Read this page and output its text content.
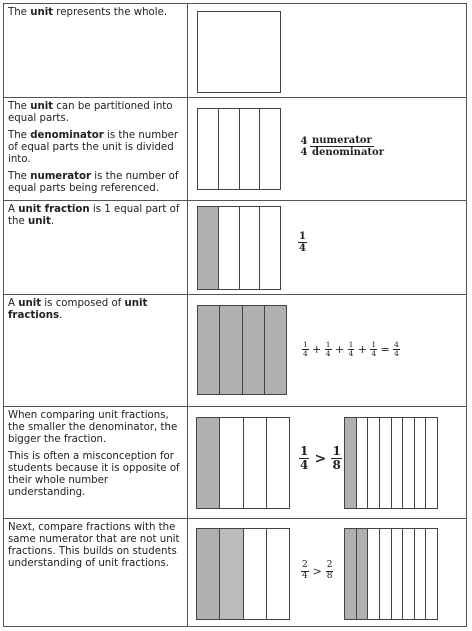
The unit represents the whole.

The unit can be partitioned into equal parts.

The denominator is the number of equal parts the unit is divided into.

The numerator is the number of equal parts being referenced.

4 numerator
4 denominator

A unit fraction is 1 equal part of the unit.

$\frac{1}{4}$

A unit is composed of unit fractions.

$\frac{1}{4} + \frac{1}{4} + \frac{1}{4} + \frac{1}{4} = \frac{4}{4}$

When comparing unit fractions, the smaller the denominator, the bigger the fraction.

This is often a misconception for students because it is opposite of their whole number understanding.

$\frac{1}{4} > \frac{1}{8}$

Next, compare fractions with the same numerator that are not unit fractions. This builds on students understanding of unit fractions.	$\frac{2}{4} > \frac{2}{8}$
